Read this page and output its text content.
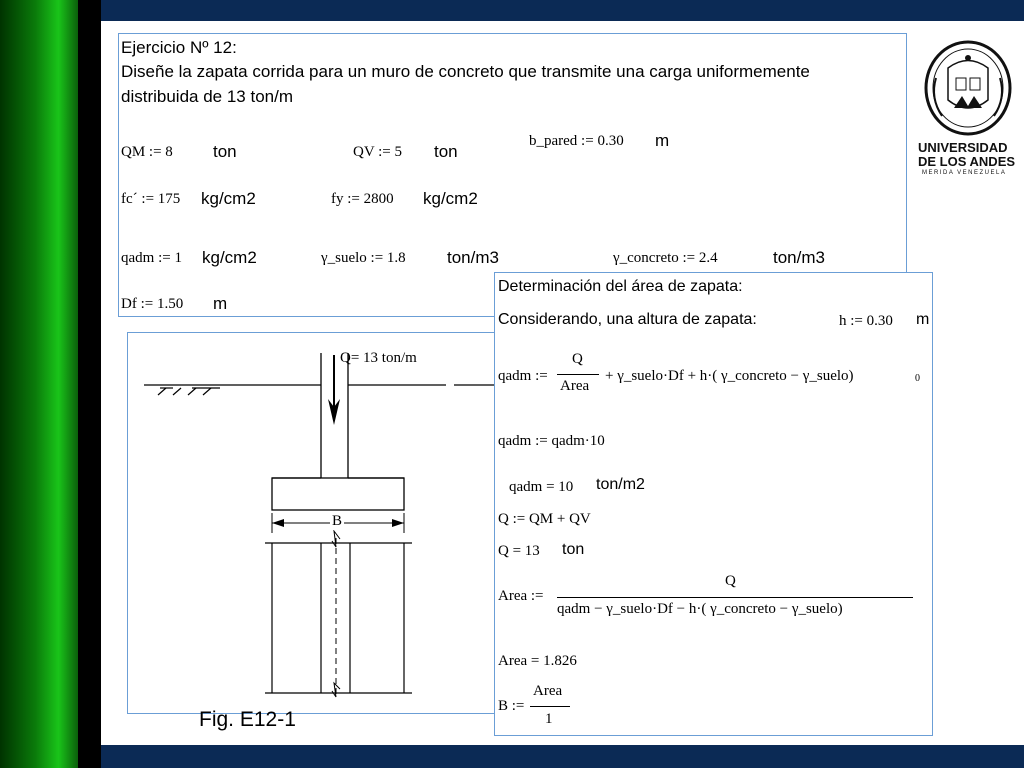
Ejercicio Nº 12:
Diseñe la zapata corrida para un muro de concreto que transmite una carga uniformemente
distribuida de 13 ton/m
QM := 8 ton	QV := 5 ton
b_pared := 0.30 m
fc´ := 175 kg/cm2	fy := 2800 kg/cm2
qadm := 1 kg/cm2	γ_suelo := 1.8 ton/m3	γ_concreto := 2.4	ton/m3
Df := 1.50 m
Q= 13 ton/m
B
Fig. E12-1
Determinación del área de zapata:
Considerando, una altura de zapata:	h := 0.30 m
qadm :=
Q
Area
+ γ_suelo·Df + h·( γ_concreto − γ_suelo)	0
qadm := qadm·10
qadm = 10 ton/m2
Q := QM + QV
Q = 13 ton
Area :=
Q
qadm − γ_suelo·Df − h·( γ_concreto − γ_suelo)
Area = 1.826
B :=
Area
1
UNIVERSIDAD
DE LOS ANDES
MERIDA VENEZUELA
